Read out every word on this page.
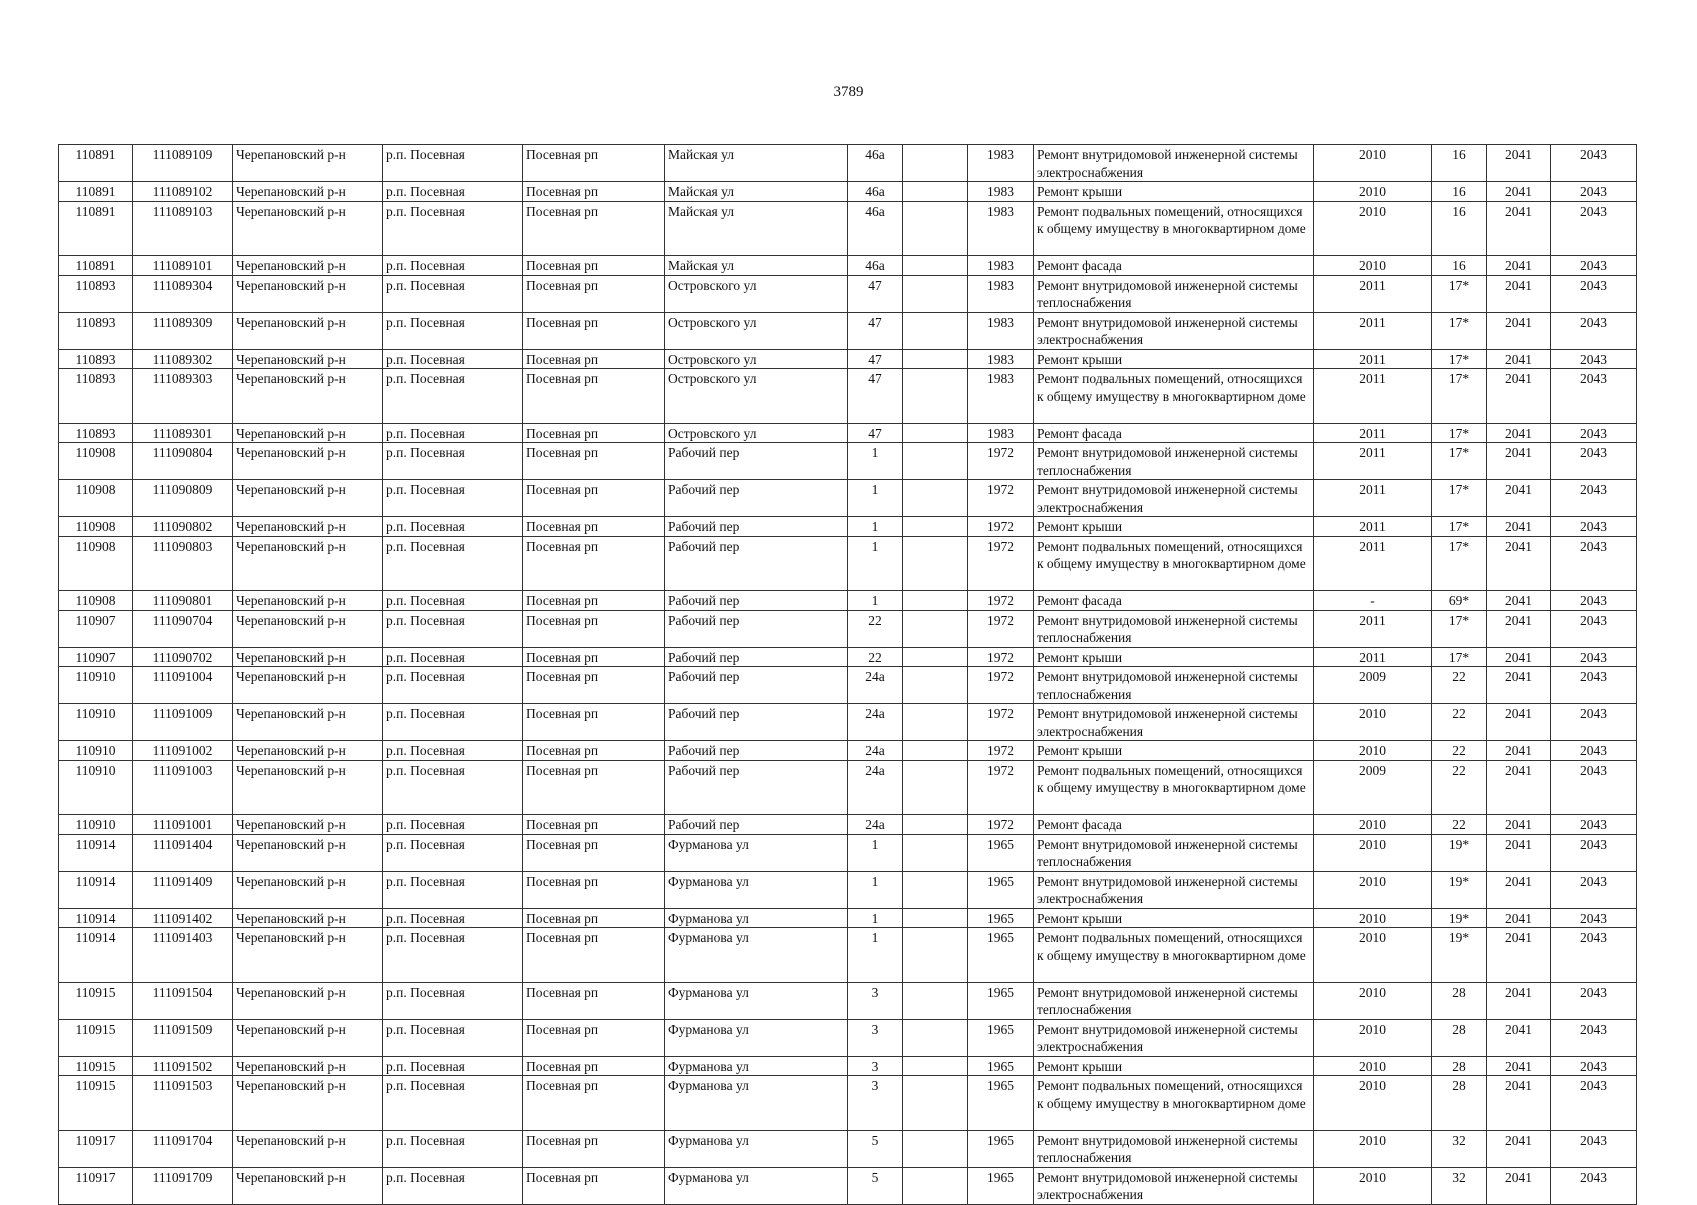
3789
110891	111089109	Черепановский р-н	р.п. Посевная	Посевная рп	Майская ул	46а		1983	Ремонт внутридомовой инженерной системы электроснабжения	2010	16	2041	2043
110891	111089102	Черепановский р-н	р.п. Посевная	Посевная рп	Майская ул	46а		1983	Ремонт крыши	2010	16	2041	2043
110891	111089103	Черепановский р-н	р.п. Посевная	Посевная рп	Майская ул	46а		1983	Ремонт подвальных помещений, относящихся к общему имуществу в многоквартирном доме	2010	16	2041	2043
110891	111089101	Черепановский р-н	р.п. Посевная	Посевная рп	Майская ул	46а		1983	Ремонт фасада	2010	16	2041	2043
110893	111089304	Черепановский р-н	р.п. Посевная	Посевная рп	Островского ул	47		1983	Ремонт внутридомовой инженерной системы теплоснабжения	2011	17*	2041	2043
110893	111089309	Черепановский р-н	р.п. Посевная	Посевная рп	Островского ул	47		1983	Ремонт внутридомовой инженерной системы электроснабжения	2011	17*	2041	2043
110893	111089302	Черепановский р-н	р.п. Посевная	Посевная рп	Островского ул	47		1983	Ремонт крыши	2011	17*	2041	2043
110893	111089303	Черепановский р-н	р.п. Посевная	Посевная рп	Островского ул	47		1983	Ремонт подвальных помещений, относящихся к общему имуществу в многоквартирном доме	2011	17*	2041	2043
110893	111089301	Черепановский р-н	р.п. Посевная	Посевная рп	Островского ул	47		1983	Ремонт фасада	2011	17*	2041	2043
110908	111090804	Черепановский р-н	р.п. Посевная	Посевная рп	Рабочий пер	1		1972	Ремонт внутридомовой инженерной системы теплоснабжения	2011	17*	2041	2043
110908	111090809	Черепановский р-н	р.п. Посевная	Посевная рп	Рабочий пер	1		1972	Ремонт внутридомовой инженерной системы электроснабжения	2011	17*	2041	2043
110908	111090802	Черепановский р-н	р.п. Посевная	Посевная рп	Рабочий пер	1		1972	Ремонт крыши	2011	17*	2041	2043
110908	111090803	Черепановский р-н	р.п. Посевная	Посевная рп	Рабочий пер	1		1972	Ремонт подвальных помещений, относящихся к общему имуществу в многоквартирном доме	2011	17*	2041	2043
110908	111090801	Черепановский р-н	р.п. Посевная	Посевная рп	Рабочий пер	1		1972	Ремонт фасада	-	69*	2041	2043
110907	111090704	Черепановский р-н	р.п. Посевная	Посевная рп	Рабочий пер	22		1972	Ремонт внутридомовой инженерной системы теплоснабжения	2011	17*	2041	2043
110907	111090702	Черепановский р-н	р.п. Посевная	Посевная рп	Рабочий пер	22		1972	Ремонт крыши	2011	17*	2041	2043
110910	111091004	Черепановский р-н	р.п. Посевная	Посевная рп	Рабочий пер	24а		1972	Ремонт внутридомовой инженерной системы теплоснабжения	2009	22	2041	2043
110910	111091009	Черепановский р-н	р.п. Посевная	Посевная рп	Рабочий пер	24а		1972	Ремонт внутридомовой инженерной системы электроснабжения	2010	22	2041	2043
110910	111091002	Черепановский р-н	р.п. Посевная	Посевная рп	Рабочий пер	24а		1972	Ремонт крыши	2010	22	2041	2043
110910	111091003	Черепановский р-н	р.п. Посевная	Посевная рп	Рабочий пер	24а		1972	Ремонт подвальных помещений, относящихся к общему имуществу в многоквартирном доме	2009	22	2041	2043
110910	111091001	Черепановский р-н	р.п. Посевная	Посевная рп	Рабочий пер	24а		1972	Ремонт фасада	2010	22	2041	2043
110914	111091404	Черепановский р-н	р.п. Посевная	Посевная рп	Фурманова ул	1		1965	Ремонт внутридомовой инженерной системы теплоснабжения	2010	19*	2041	2043
110914	111091409	Черепановский р-н	р.п. Посевная	Посевная рп	Фурманова ул	1		1965	Ремонт внутридомовой инженерной системы электроснабжения	2010	19*	2041	2043
110914	111091402	Черепановский р-н	р.п. Посевная	Посевная рп	Фурманова ул	1		1965	Ремонт крыши	2010	19*	2041	2043
110914	111091403	Черепановский р-н	р.п. Посевная	Посевная рп	Фурманова ул	1		1965	Ремонт подвальных помещений, относящихся к общему имуществу в многоквартирном доме	2010	19*	2041	2043
110915	111091504	Черепановский р-н	р.п. Посевная	Посевная рп	Фурманова ул	3		1965	Ремонт внутридомовой инженерной системы теплоснабжения	2010	28	2041	2043
110915	111091509	Черепановский р-н	р.п. Посевная	Посевная рп	Фурманова ул	3		1965	Ремонт внутридомовой инженерной системы электроснабжения	2010	28	2041	2043
110915	111091502	Черепановский р-н	р.п. Посевная	Посевная рп	Фурманова ул	3		1965	Ремонт крыши	2010	28	2041	2043
110915	111091503	Черепановский р-н	р.п. Посевная	Посевная рп	Фурманова ул	3		1965	Ремонт подвальных помещений, относящихся к общему имуществу в многоквартирном доме	2010	28	2041	2043
110917	111091704	Черепановский р-н	р.п. Посевная	Посевная рп	Фурманова ул	5		1965	Ремонт внутридомовой инженерной системы теплоснабжения	2010	32	2041	2043
110917	111091709	Черепановский р-н	р.п. Посевная	Посевная рп	Фурманова ул	5		1965	Ремонт внутридомовой инженерной системы электроснабжения	2010	32	2041	2043
